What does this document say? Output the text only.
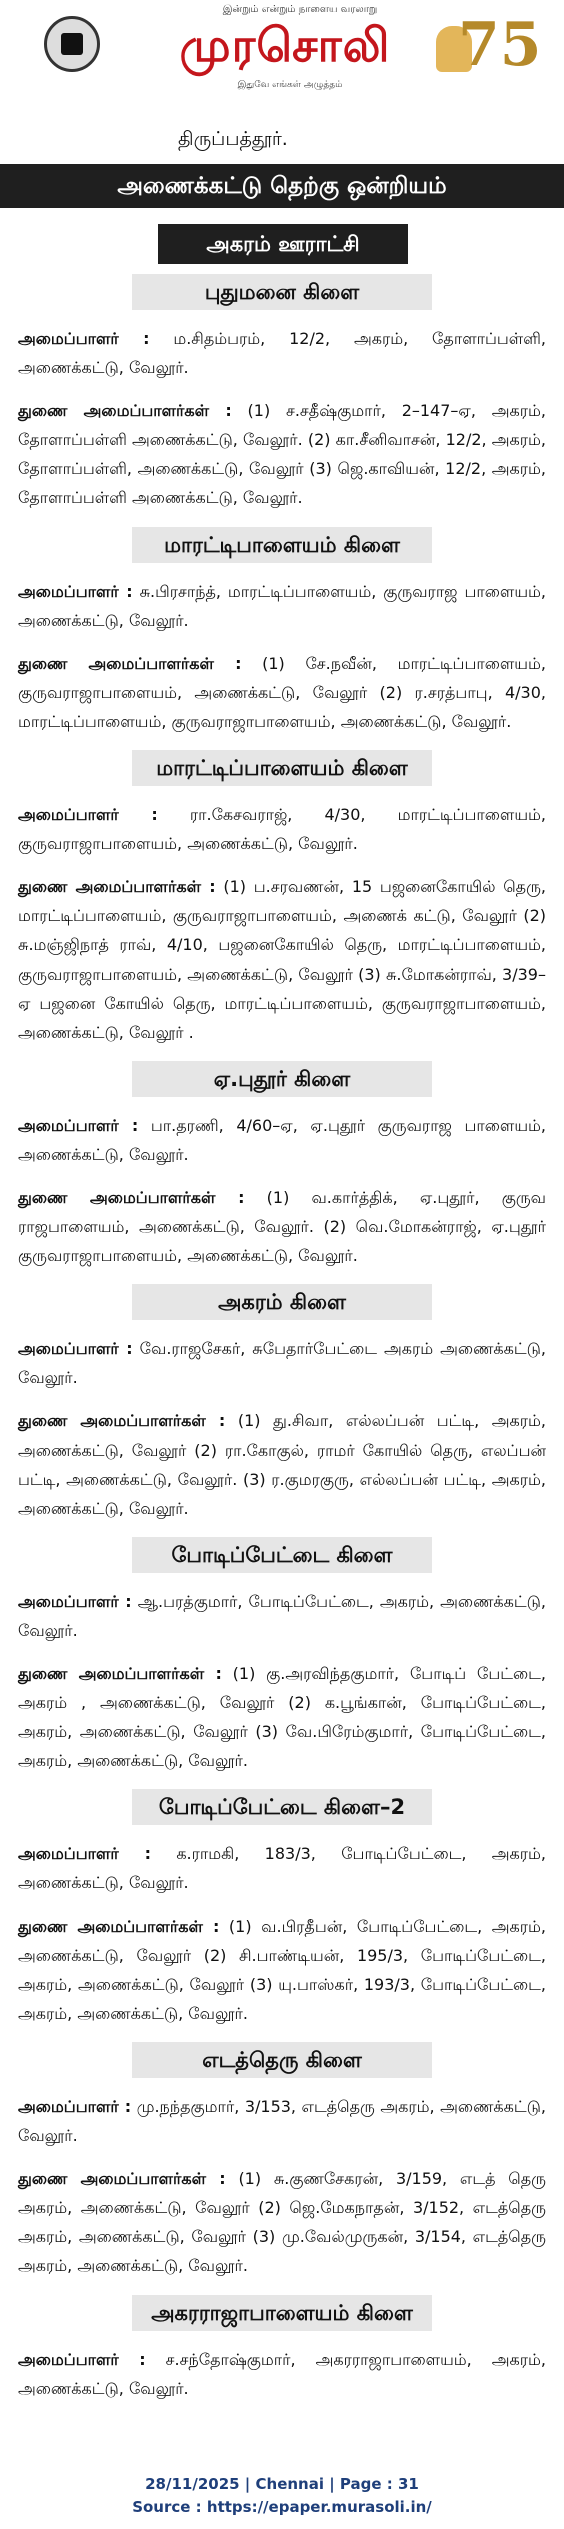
இன்றும் என்றும் நாளைய வரலாறு
முரசொலி
இதுவே எங்கள் அழுத்தம்
75
திருப்பத்தூர்.
அணைக்கட்டு தெற்கு ஒன்றியம்
அகரம் ஊராட்சி
புதுமனை கிளை

அமைப்பாளர் : ம.சிதம்பரம், 12/2, அகரம், தோளாப்பள்ளி, அணைக்கட்டு, வேலூர்.

துணை அமைப்பாளர்கள் : (1) ச.சதீஷ்குமார், 2–147–ஏ, அகரம், தோளாப்பள்ளி அணைக்கட்டு, வேலூர். (2) கா.சீனிவாசன், 12/2, அகரம், தோளாப்பள்ளி, அணைக்கட்டு, வேலூர் (3) ஜெ.காவியன், 12/2, அகரம், தோளாப்பள்ளி அணைக்கட்டு, வேலூர்.

மாரட்டிபாளையம் கிளை

அமைப்பாளர் : சு.பிரசாந்த், மாரட்டிப்பாளையம், குருவராஜ பாளையம், அணைக்கட்டு, வேலூர்.

துணை அமைப்பாளர்கள் : (1) சே.நவீன், மாரட்டிப்பாளையம், குருவராஜாபாளையம், அணைக்கட்டு, வேலூர் (2) ர.சரத்பாபு, 4/30, மாரட்டிப்பாளையம், குருவராஜாபாளையம், அணைக்கட்டு, வேலூர்.

மாரட்டிப்பாளையம் கிளை

அமைப்பாளர் : ரா.கேசவராஜ், 4/30, மாரட்டிப்பாளையம், குருவராஜாபாளையம், அணைக்கட்டு, வேலூர்.

துணை அமைப்பாளர்கள் : (1) ப.சரவணன், 15 பஜனைகோயில் தெரு, மாரட்டிப்பாளையம், குருவராஜாபாளையம், அணைக் கட்டு, வேலூர் (2) சு.மஞ்ஜிநாத் ராவ், 4/10, பஜனைகோயில் தெரு, மாரட்டிப்பாளையம், குருவராஜாபாளையம், அணைக்கட்டு, வேலூர் (3) சு.மோகன்ராவ், 3/39–ஏ பஜனை கோயில் தெரு, மாரட்டிப்பாளையம், குருவராஜாபாளையம், அணைக்கட்டு, வேலூர் .

ஏ.புதூர் கிளை

அமைப்பாளர் : பா.தரணி, 4/60–ஏ, ஏ.புதூர் குருவராஜ பாளையம், அணைக்கட்டு, வேலூர்.

துணை அமைப்பாளர்கள் : (1) வ.கார்த்திக், ஏ.புதூர், குருவ ராஜபாளையம், அணைக்கட்டு, வேலூர். (2) வெ.மோகன்ராஜ், ஏ.புதூர் குருவராஜாபாளையம், அணைக்கட்டு, வேலூர்.

அகரம் கிளை

அமைப்பாளர் : வே.ராஜசேகர், சுபேதார்பேட்டை அகரம் அணைக்கட்டு, வேலூர்.

துணை அமைப்பாளர்கள் : (1) து.சிவா, எல்லப்பன் பட்டி, அகரம், அணைக்கட்டு, வேலூர் (2) ரா.கோகுல், ராமர் கோயில் தெரு, எலப்பன் பட்டி, அணைக்கட்டு, வேலூர். (3) ர.குமரகுரு, எல்லப்பன் பட்டி, அகரம், அணைக்கட்டு, வேலூர்.

போடிப்பேட்டை கிளை

அமைப்பாளர் : ஆ.பரத்குமார், போடிப்பேட்டை, அகரம், அணைக்கட்டு, வேலூர்.

துணை அமைப்பாளர்கள் : (1) கு.அரவிந்தகுமார், போடிப் பேட்டை, அகரம் , அணைக்கட்டு, வேலூர் (2) க.பூங்கான், போடிப்பேட்டை, அகரம், அணைக்கட்டு, வேலூர் (3) வே.பிரேம்குமார், போடிப்பேட்டை, அகரம், அணைக்கட்டு, வேலூர்.

போடிப்பேட்டை கிளை–2

அமைப்பாளர் : க.ராமகி, 183/3, போடிப்பேட்டை, அகரம், அணைக்கட்டு, வேலூர்.

துணை அமைப்பாளர்கள் : (1) வ.பிரதீபன், போடிப்பேட்டை, அகரம், அணைக்கட்டு, வேலூர் (2) சி.பாண்டியன், 195/3, போடிப்பேட்டை, அகரம், அணைக்கட்டு, வேலூர் (3) யு.பாஸ்கர், 193/3, போடிப்பேட்டை, அகரம், அணைக்கட்டு, வேலூர்.

எடத்தெரு கிளை

அமைப்பாளர் : மு.நந்தகுமார், 3/153, எடத்தெரு அகரம், அணைக்கட்டு, வேலூர்.

துணை அமைப்பாளர்கள் : (1) சு.குணசேகரன், 3/159, எடத் தெரு அகரம், அணைக்கட்டு, வேலூர் (2) ஜெ.மேகநாதன், 3/152, எடத்தெரு அகரம், அணைக்கட்டு, வேலூர் (3) மு.வேல்முருகன், 3/154, எடத்தெரு அகரம், அணைக்கட்டு, வேலூர்.

அகரராஜாபாளையம் கிளை

அமைப்பாளர் : ச.சந்தோஷ்குமார், அகரராஜாபாளையம், அகரம், அணைக்கட்டு, வேலூர்.

28/11/2025 | Chennai | Page : 31
Source : https://epaper.murasoli.in/
